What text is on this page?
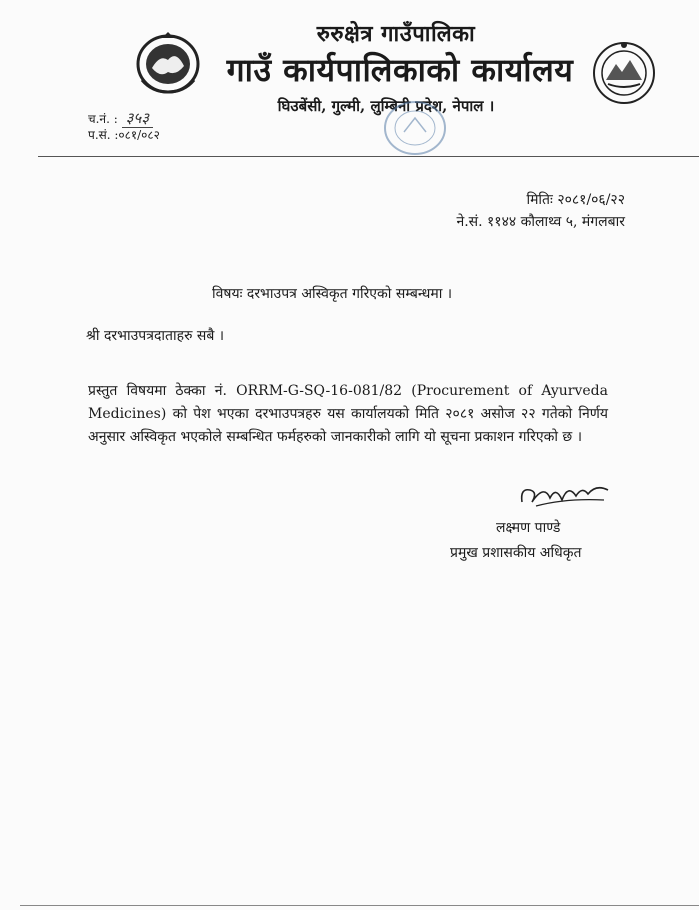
रुरुक्षेत्र गाउँपालिका
गाउँ कार्यपालिकाको कार्यालय
घिउबेंसी, गुल्मी, लुम्बिनी प्रदेश, नेपाल ।
च.नं. : ३५३
प.सं. :०८१/०८२
मितिः २०८१/०६/२२
ने.सं. ११४४ कौलाथ्व ५, मंगलबार
विषयः दरभाउपत्र अस्विकृत गरिएको सम्बन्धमा ।
श्री दरभाउपत्रदाताहरु सबै ।
प्रस्तुत विषयमा ठेक्का नं. ORRM-G-SQ-16-081/82 (Procurement of Ayurveda Medicines) को पेश भएका दरभाउपत्रहरु यस कार्यालयको मिति २०८१ असोज २२ गतेको निर्णय अनुसार अस्विकृत भएकोले सम्बन्धित फर्महरुको जानकारीको लागि यो सूचना प्रकाशन गरिएको छ ।
लक्ष्मण पाण्डे
प्रमुख प्रशासकीय अधिकृत
